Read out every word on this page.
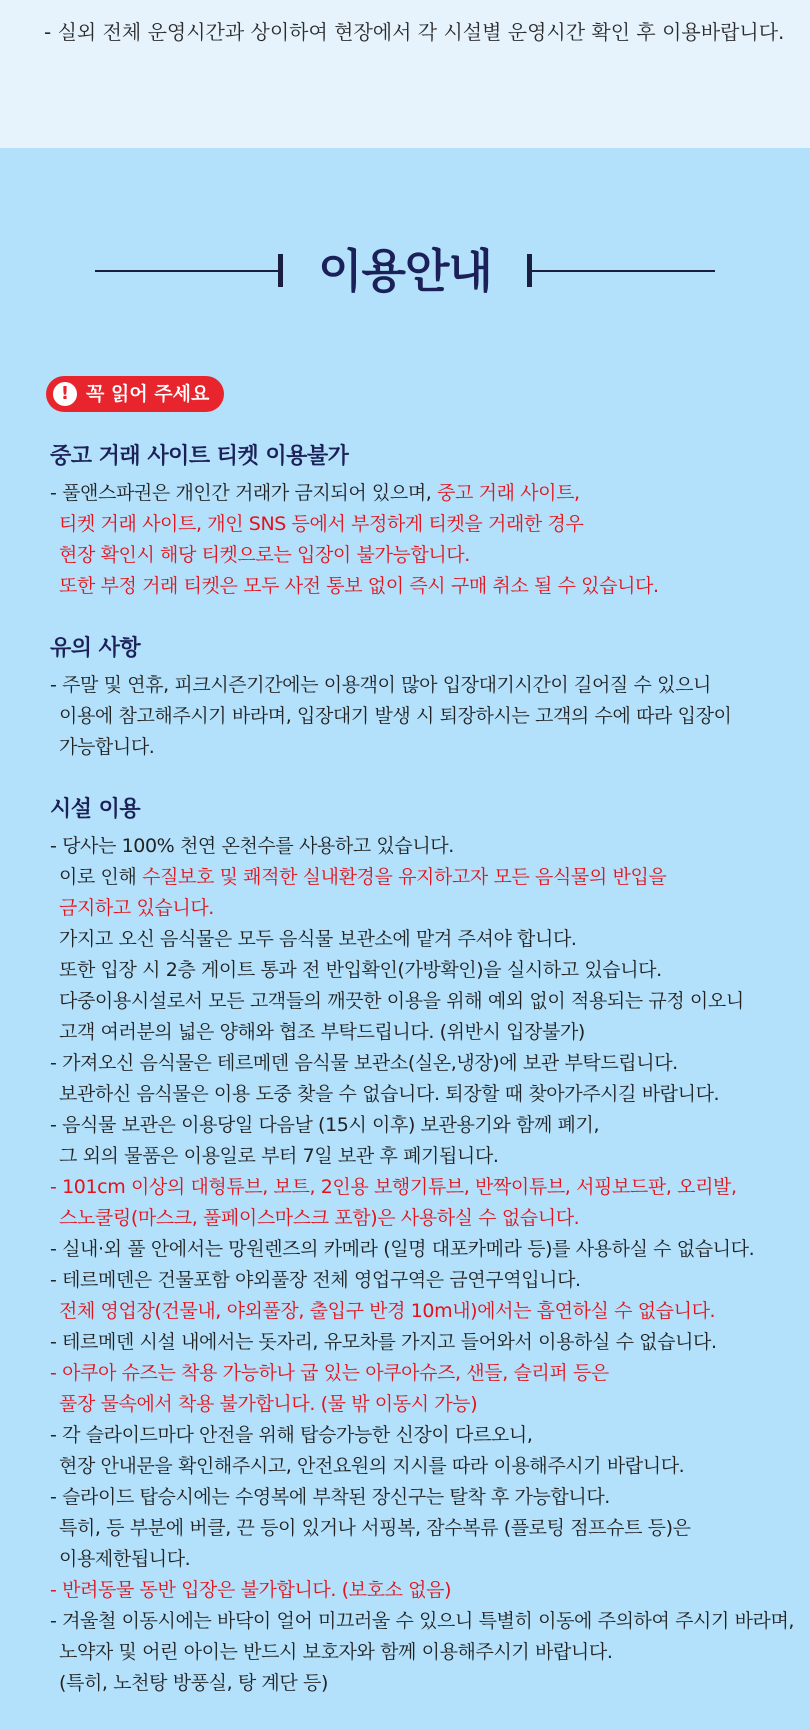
- 실외 전체 운영시간과 상이하여 현장에서 각 시설별 운영시간 확인 후 이용바랍니다.
이용안내
! 꼭 읽어 주세요
중고 거래 사이트 티켓 이용불가
- 풀앤스파권은 개인간 거래가 금지되어 있으며, 중고 거래 사이트,
티켓 거래 사이트, 개인 SNS 등에서 부정하게 티켓을 거래한 경우
현장 확인시 해당 티켓으로는 입장이 불가능합니다.
또한 부정 거래 티켓은 모두 사전 통보 없이 즉시 구매 취소 될 수 있습니다.
유의 사항
- 주말 및 연휴, 피크시즌기간에는 이용객이 많아 입장대기시간이 길어질 수 있으니
이용에 참고해주시기 바라며, 입장대기 발생 시 퇴장하시는 고객의 수에 따라 입장이
가능합니다.
시설 이용
- 당사는 100% 천연 온천수를 사용하고 있습니다.
이로 인해 수질보호 및 쾌적한 실내환경을 유지하고자 모든 음식물의 반입을
금지하고 있습니다.
가지고 오신 음식물은 모두 음식물 보관소에 맡겨 주셔야 합니다.
또한 입장 시 2층 게이트 통과 전 반입확인(가방확인)을 실시하고 있습니다.
다중이용시설로서 모든 고객들의 깨끗한 이용을 위해 예외 없이 적용되는 규정 이오니
고객 여러분의 넓은 양해와 협조 부탁드립니다. (위반시 입장불가)
- 가져오신 음식물은 테르메덴 음식물 보관소(실온,냉장)에 보관 부탁드립니다.
보관하신 음식물은 이용 도중 찾을 수 없습니다. 퇴장할 때 찾아가주시길 바랍니다.
- 음식물 보관은 이용당일 다음날 (15시 이후) 보관용기와 함께 폐기,
그 외의 물품은 이용일로 부터 7일 보관 후 폐기됩니다.
- 101cm 이상의 대형튜브, 보트, 2인용 보행기튜브, 반짝이튜브, 서핑보드판, 오리발,
스노쿨링(마스크, 풀페이스마스크 포함)은 사용하실 수 없습니다.
- 실내·외 풀 안에서는 망원렌즈의 카메라 (일명 대포카메라 등)를 사용하실 수 없습니다.
- 테르메덴은 건물포함 야외풀장 전체 영업구역은 금연구역입니다.
전체 영업장(건물내, 야외풀장, 출입구 반경 10m내)에서는 흡연하실 수 없습니다.
- 테르메덴 시설 내에서는 돗자리, 유모차를 가지고 들어와서 이용하실 수 없습니다.
- 아쿠아 슈즈는 착용 가능하나 굽 있는 아쿠아슈즈, 샌들, 슬리퍼 등은
풀장 물속에서 착용 불가합니다. (물 밖 이동시 가능)
- 각 슬라이드마다 안전을 위해 탑승가능한 신장이 다르오니,
현장 안내문을 확인해주시고, 안전요원의 지시를 따라 이용해주시기 바랍니다.
- 슬라이드 탑승시에는 수영복에 부착된 장신구는 탈착 후 가능합니다.
특히, 등 부분에 버클, 끈 등이 있거나 서핑복, 잠수복류 (플로팅 점프슈트 등)은
이용제한됩니다.
- 반려동물 동반 입장은 불가합니다. (보호소 없음)
- 겨울철 이동시에는 바닥이 얼어 미끄러울 수 있으니 특별히 이동에 주의하여 주시기 바라며,
노약자 및 어린 아이는 반드시 보호자와 함께 이용해주시기 바랍니다.
(특히, 노천탕 방풍실, 탕 계단 등)
